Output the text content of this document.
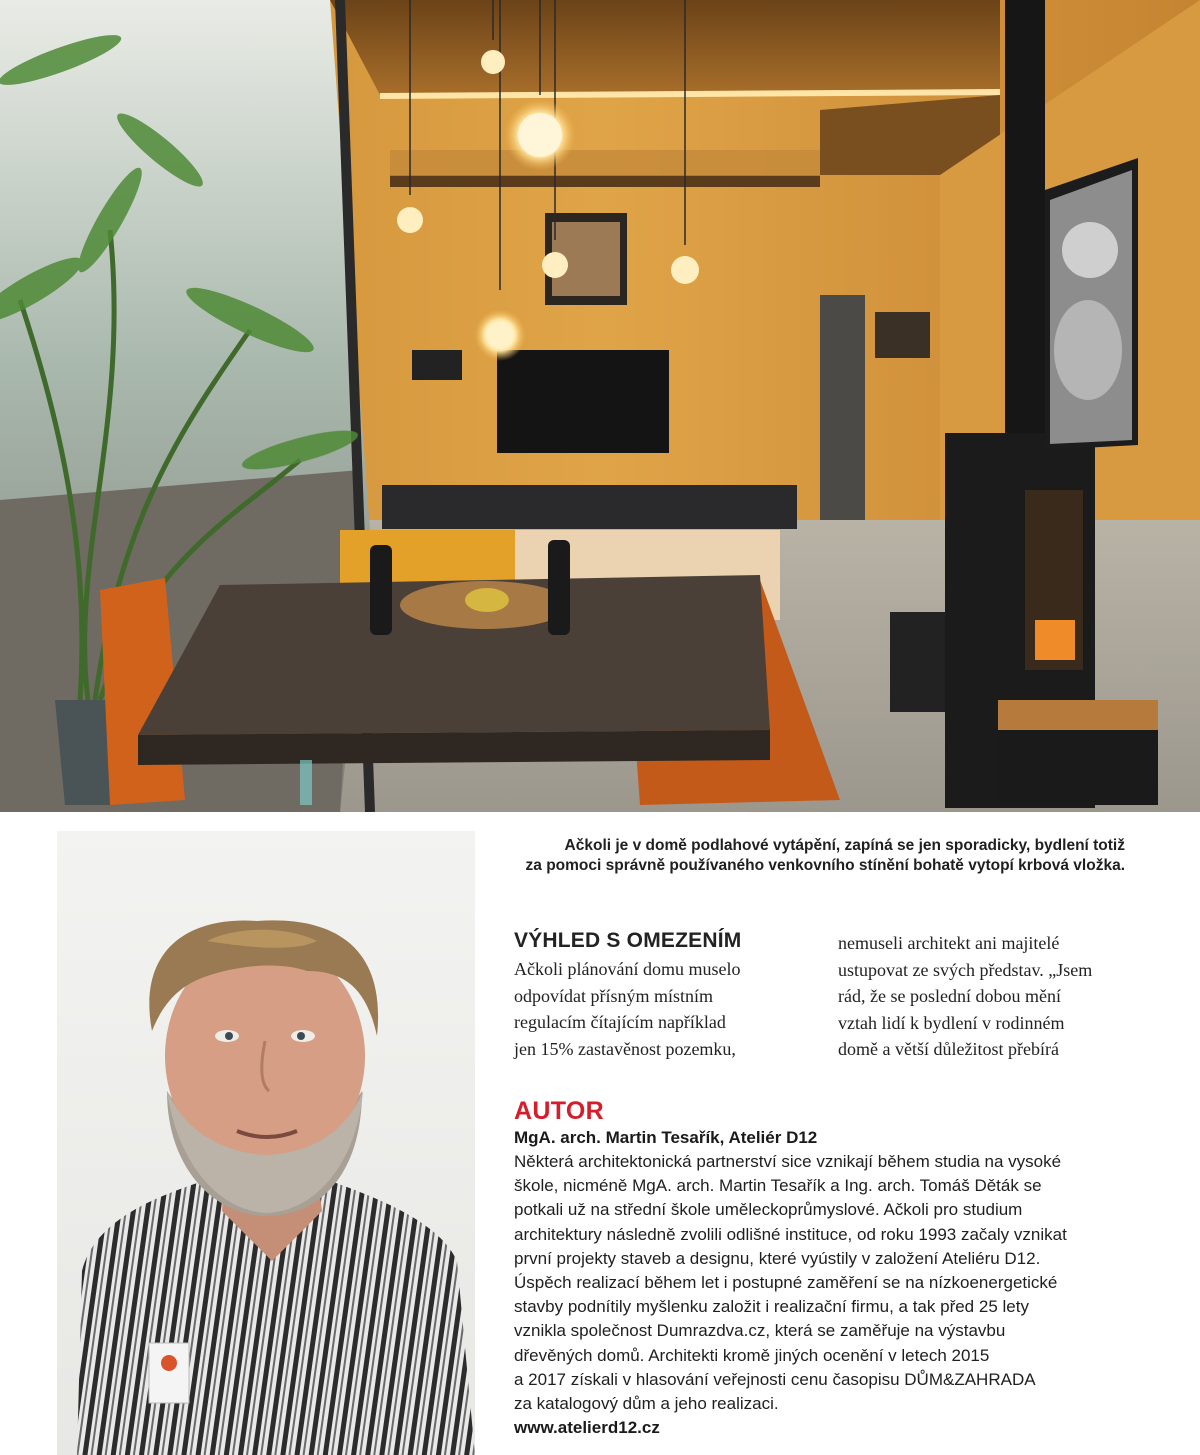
Ačkoli je v domě podlahové vytápění, zapíná se jen sporadicky, bydlení totiž
za pomoci správně používaného venkovního stínění bohatě vytopí krbová vložka.
VÝHLED S OMEZENÍM
Ačkoli plánování domu muselo
odpovídat přísným místním
regulacím čítajícím například
jen 15% zastavěnost pozemku,
nemuseli architekt ani majitelé
ustupovat ze svých představ. „Jsem
rád, že se poslední dobou mění
vztah lidí k bydlení v rodinném
domě a větší důležitost přebírá
AUTOR
MgA. arch. Martin Tesařík, Ateliér D12
Některá architektonická partnerství sice vznikají během studia na vysoké
škole, nicméně MgA. arch. Martin Tesařík a Ing. arch. Tomáš Děták se
potkali už na střední škole uměleckoprůmyslové. Ačkoli pro studium
architektury následně zvolili odlišné instituce, od roku 1993 začaly vznikat
první projekty staveb a designu, které vyústily v založení Ateliéru D12.
Úspěch realizací během let i postupné zaměření se na nízkoenergetické
stavby podnítily myšlenku založit i realizační firmu, a tak před 25 lety
vznikla společnost Dumrazdva.cz, která se zaměřuje na výstavbu
dřevěných domů. Architekti kromě jiných ocenění v letech 2015
a 2017 získali v hlasování veřejnosti cenu časopisu DŮM&ZAHRADA
za katalogový dům a jeho realizaci.
www.atelierd12.cz
